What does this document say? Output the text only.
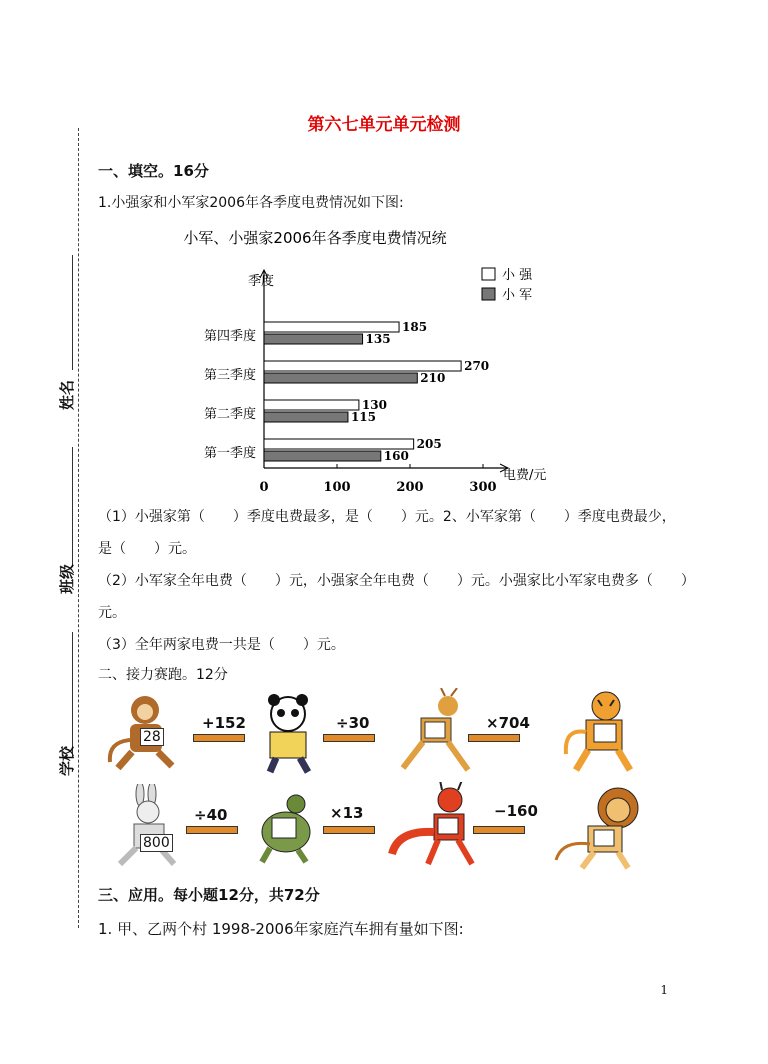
姓名
班级
学校
第六七单元单元检测
一、填空。16分
1.小强家和小军家2006年各季度电费情况如下图:
小军、小强家2006年各季度电费情况统
季度
电费/元
0	100	200	300
第四季度
185
135
第三季度
270
210
第二季度
130
115
第一季度
205
160
小 强
小 军
（1）小强家第（　　）季度电费最多，是（　　）元。2、小军家第（　　）季度电费最少，
是（　　）元。
（2）小军家全年电费（　　）元，小强家全年电费（　　）元。小强家比小军家电费多（　　）
元。
（3）全年两家电费一共是（　　）元。
二、接力赛跑。12分
28
+152	÷30	×704
800
÷40	×13	−160
三、应用。每小题12分，共72分
1. 甲、乙两个村 1998-2006年家庭汽车拥有量如下图:
1
